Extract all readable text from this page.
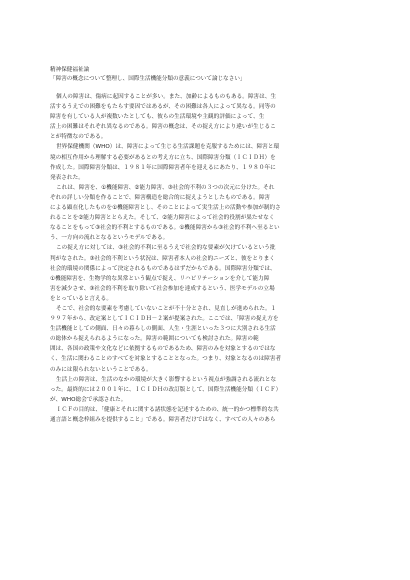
精神保健福祉論
「障害の概念について整理し、国際生活機能分類の意義について論じなさい」
個人の障害は、傷病に起因することが多い。また、加齢によるものもある。障害は、生
活するうえでの困難をもたらす要因ではあるが、その困難は各人によって異なる。同等の
障害を有している人が複数いたとしても、彼らの生活環境や主観的評価によって、生
活上の困難はそれぞれ異なるのである。障害の概念は、その捉え方により違いが生じるこ
とが特徴なのである。
世界保健機関（WHO）は、障害によって生じる生活課題を克服するためには、障害と環
境の相互作用から理解する必要があるとの考え方に立ち、国際障害分類（ＩＣＩＤＨ）を
作成した。国際障害分類は、１９８１年に国際障害者年を迎えるにあたり、１９８０年に
発表された。
これは、障害を、①機能障害、②能力障害、③社会的不利の３つの次元に分けた。それ
ぞれの詳しい分類を作ることで、障害構造を総合的に捉えようとしたものである。障害
による顕在化したものを①機能障害とし、そのことによって実生活上の活動や参加が制約さ
れることを②能力障害ととらえた。そして、②能力障害によって社会的役割が果たせなく
なることをもって③社会的不利とするものである。①機能障害から③社会的不利へ至るとい
う、一方向の流れとなるというモデルである。
この捉え方に対しては、③社会的不利に至るうえで社会的な要素が欠けているという批
判がなされた。③社会的不利という状況は、障害者本人の社会的ニーズと、彼をとりまく
社会的環境の関係によって決定されるものであるはずだからである。国際障害分類では、
①機能障害を、生物学的な異常という観点で捉え、リハビリテーションを介して能力障
害を減少させ、③社会的不利を取り除いて社会参加を達成するという、医学モデルの立場
をとっていると言える。
そこで、社会的な要素を考慮していないことが不十分とされ、見直しが進められた。１
９９７年から、改定案としてＩＣＩＤＨ－２案が提案された。ここでは、「障害の捉え方を
生活機能としての側面、日々の暮らしの側面、人生・生涯といった３つに大別される生活
の総体から捉えられるようになった。障害の範囲についても検討された。障害の範
囲は、各国の政策や文化などに依拠するものであるため、障害のみを対象とするのではな
く、生活に関わることのすべてを対象とすることとなった。つまり、対象となるのは障害者
のみには限られないということである。
生活上の障害は、生活のなかの環境が大きく影響するという視点が強調される流れとな
った。最終的には２００１年に、ＩＣＩＤＨの改訂版として、国際生活機能分類（ＩＣＦ）
が、WHO総会で承認された。
ＩＣＦの目的は、「健康とそれに関する諸状態を記述するための、統一的かつ標準的な共
通言語と概念枠組みを提供すること」である。障害者だけではなく、すべての人々のあら
